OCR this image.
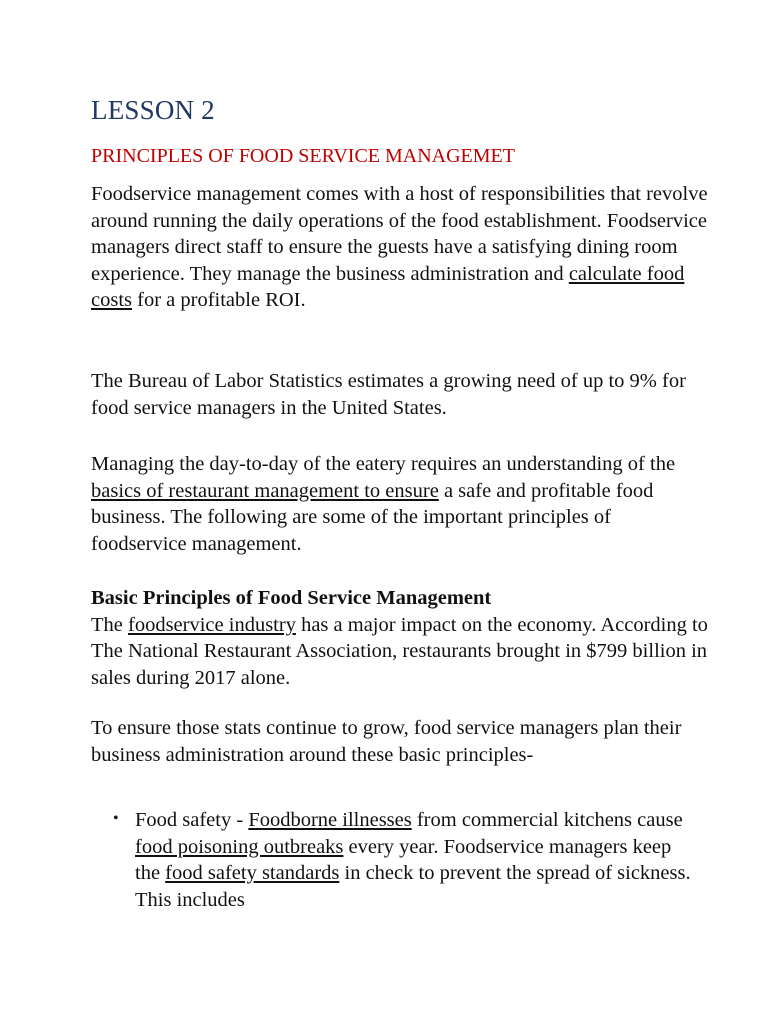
LESSON 2
PRINCIPLES OF FOOD SERVICE MANAGEMET

Foodservice management comes with a host of responsibilities that revolve around running the daily operations of the food establishment. Foodservice managers direct staff to ensure the guests have a satisfying dining room experience. They manage the business administration and calculate food costs for a profitable ROI.

The Bureau of Labor Statistics estimates a growing need of up to 9% for food service managers in the United States.

Managing the day-to-day of the eatery requires an understanding of the basics of restaurant management to ensure a safe and profitable food business. The following are some of the important principles of foodservice management.

Basic Principles of Food Service Management
The foodservice industry has a major impact on the economy. According to The National Restaurant Association, restaurants brought in $799 billion in sales during 2017 alone.

To ensure those stats continue to grow, food service managers plan their business administration around these basic principles-

• Food safety - Foodborne illnesses from commercial kitchens cause food poisoning outbreaks every year. Foodservice managers keep the food safety standards in check to prevent the spread of sickness. This includes
